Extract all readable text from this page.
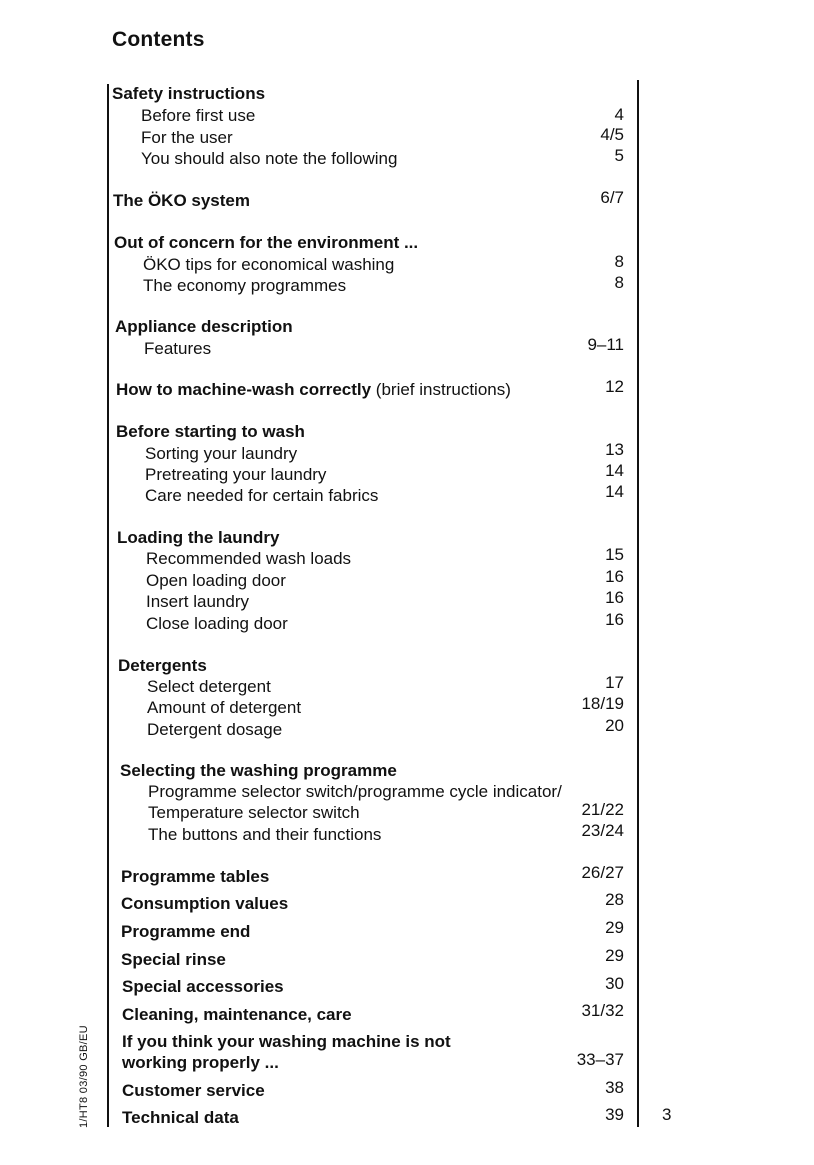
Contents
Safety instructions
Before first use	4
For the user	4/5
You should also note the following	5
The ÖKO system	6/7
Out of concern for the environment ...
ÖKO tips for economical washing	8
The economy programmes	8
Appliance description
Features	9–11
How to machine-wash correctly (brief instructions)	12
Before starting to wash
Sorting your laundry	13
Pretreating your laundry	14
Care needed for certain fabrics	14
Loading the laundry
Recommended wash loads	15
Open loading door	16
Insert laundry	16
Close loading door	16
Detergents
Select detergent	17
Amount of detergent	18/19
Detergent dosage	20
Selecting the washing programme
Programme selector switch/programme cycle indicator/
Temperature selector switch	21/22
The buttons and their functions	23/24
Programme tables	26/27
Consumption values	28
Programme end	29
Special rinse	29
Special accessories	30
Cleaning, maintenance, care	31/32
If you think your washing machine is not
working properly ...	33–37
Customer service	38
Technical data	39 3
1/HT8 03/90 GB/EU
